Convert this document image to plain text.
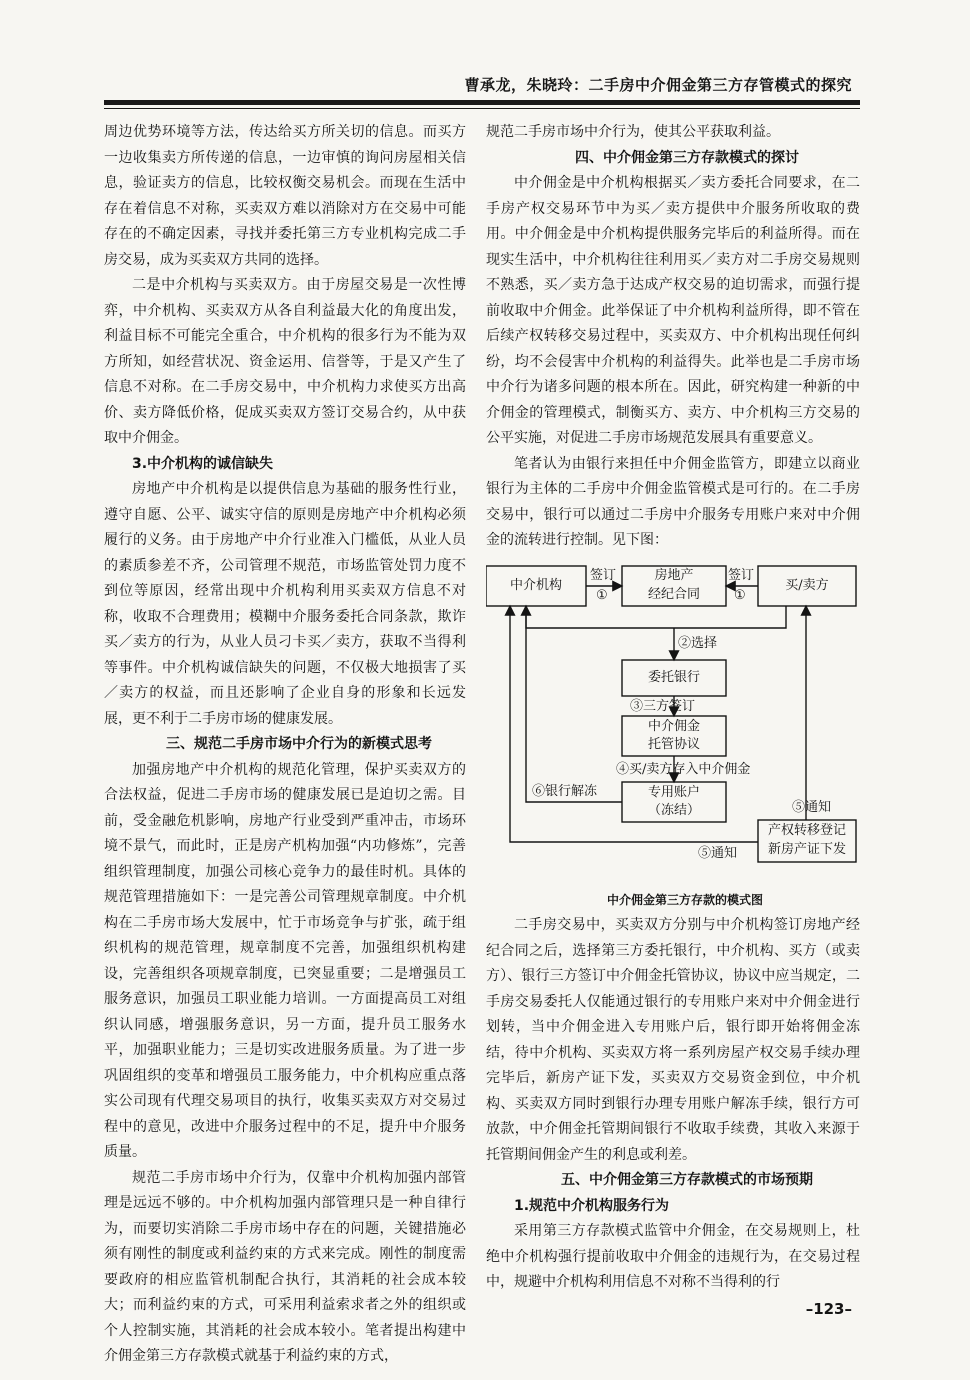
曹承龙，朱晓玲：二手房中介佣金第三方存管模式的探究

周边优势环境等方法，传达给买方所关切的信息。而买方一边收集卖方所传递的信息，一边审慎的询问房屋相关信息，验证卖方的信息，比较权衡交易机会。而现在生活中存在着信息不对称，买卖双方难以消除对方在交易中可能存在的不确定因素，寻找并委托第三方专业机构完成二手房交易，成为买卖双方共同的选择。

二是中介机构与买卖双方。由于房屋交易是一次性博弈，中介机构、买卖双方从各自利益最大化的角度出发，利益目标不可能完全重合，中介机构的很多行为不能为双方所知，如经营状况、资金运用、信誉等，于是又产生了信息不对称。在二手房交易中，中介机构力求使买方出高价、卖方降低价格，促成买卖双方签订交易合约，从中获取中介佣金。

3.中介机构的诚信缺失

房地产中介机构是以提供信息为基础的服务性行业，遵守自愿、公平、诚实守信的原则是房地产中介机构必须履行的义务。由于房地产中介行业准入门槛低，从业人员的素质参差不齐，公司管理不规范，市场监管处罚力度不到位等原因，经常出现中介机构利用买卖双方信息不对称，收取不合理费用；模糊中介服务委托合同条款，欺诈买／卖方的行为，从业人员刁卡买／卖方，获取不当得利等事件。中介机构诚信缺失的问题，不仅极大地损害了买／卖方的权益，而且还影响了企业自身的形象和长远发展，更不利于二手房市场的健康发展。

三、规范二手房市场中介行为的新模式思考

加强房地产中介机构的规范化管理，保护买卖双方的合法权益，促进二手房市场的健康发展已是迫切之需。目前，受金融危机影响，房地产行业受到严重冲击，市场环境不景气，而此时，正是房产机构加强“内功修炼”，完善组织管理制度，加强公司核心竞争力的最佳时机。具体的规范管理措施如下：一是完善公司管理规章制度。中介机构在二手房市场大发展中，忙于市场竞争与扩张，疏于组织机构的规范管理，规章制度不完善，加强组织机构建设，完善组织各项规章制度，已突显重要；二是增强员工服务意识，加强员工职业能力培训。一方面提高员工对组织认同感，增强服务意识，另一方面，提升员工服务水平，加强职业能力；三是切实改进服务质量。为了进一步巩固组织的变革和增强员工服务能力，中介机构应重点落实公司现有代理交易项目的执行，收集买卖双方对交易过程中的意见，改进中介服务过程中的不足，提升中介服务质量。

规范二手房市场中介行为，仅靠中介机构加强内部管理是远远不够的。中介机构加强内部管理只是一种自律行为，而要切实消除二手房市场中存在的问题，关键措施必须有刚性的制度或利益约束的方式来完成。刚性的制度需要政府的相应监管机制配合执行，其消耗的社会成本较大；而利益约束的方式，可采用利益索求者之外的组织或个人控制实施，其消耗的社会成本较小。笔者提出构建中介佣金第三方存款模式就基于利益约束的方式，

规范二手房市场中介行为，使其公平获取利益。

四、中介佣金第三方存款模式的探讨

中介佣金是中介机构根据买／卖方委托合同要求，在二手房产权交易环节中为买／卖方提供中介服务所收取的费用。中介佣金是中介机构提供服务完毕后的利益所得。而在现实生活中，中介机构往往利用买／卖方对二手房交易规则不熟悉，买／卖方急于达成产权交易的迫切需求，而强行提前收取中介佣金。此举保证了中介机构利益所得，即不管在后续产权转移交易过程中，买卖双方、中介机构出现任何纠纷，均不会侵害中介机构的利益得失。此举也是二手房市场中介行为诸多问题的根本所在。因此，研究构建一种新的中介佣金的管理模式，制衡买方、卖方、中介机构三方交易的公平实施，对促进二手房市场规范发展具有重要意义。

笔者认为由银行来担任中介佣金监管方，即建立以商业银行为主体的二手房中介佣金监管模式是可行的。在二手房交易中，银行可以通过二手房中介服务专用账户来对中介佣金的流转进行控制。见下图：

中介机构
签订
①
房地产
经纪合同
签订
①
买/卖方
②选择
委托银行
③三方签订
中介佣金
托管协议
④买/卖方存入中介佣金
⑥银行解冻	专用账户
（冻结）	⑤通知
⑤通知
产权转移登记
新房产证下发

中介佣金第三方存款的模式图

二手房交易中，买卖双方分别与中介机构签订房地产经纪合同之后，选择第三方委托银行，中介机构、买方（或卖方）、银行三方签订中介佣金托管协议，协议中应当规定，二手房交易委托人仅能通过银行的专用账户来对中介佣金进行划转，当中介佣金进入专用账户后，银行即开始将佣金冻结，待中介机构、买卖双方将一系列房屋产权交易手续办理完毕后，新房产证下发，买卖双方交易资金到位，中介机构、买卖双方同时到银行办理专用账户解冻手续，银行方可放款，中介佣金托管期间银行不收取手续费，其收入来源于托管期间佣金产生的利息或利差。

五、中介佣金第三方存款模式的市场预期

1.规范中介机构服务行为

采用第三方存款模式监管中介佣金，在交易规则上，杜绝中介机构强行提前收取中介佣金的违规行为，在交易过程中，规避中介机构利用信息不对称不当得利的行

–123–
